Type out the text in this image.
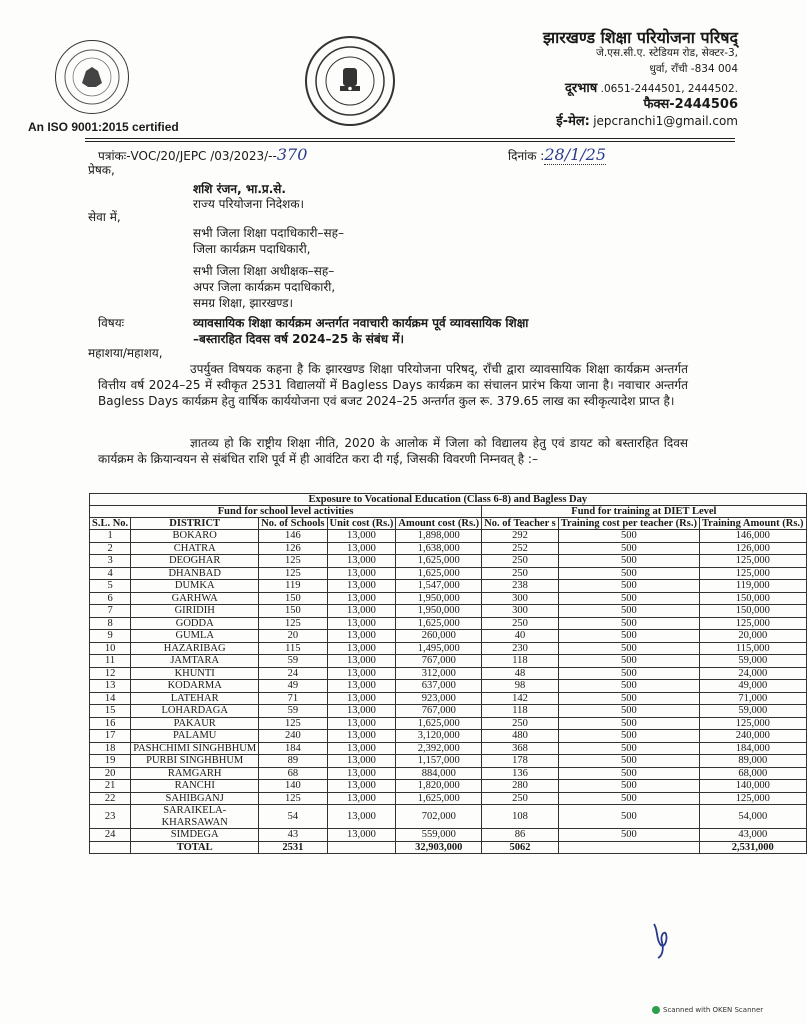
झारखण्ड शिक्षा परियोजना परिषद्
जे.एस.सी.ए. स्टेडियम रोड, सेक्टर-3,
धुर्वा, राँची -834 004
दूरभाष .0651-2444501, 2444502.
फैक्स-2444506
ई-मेल: jepcranchi1@gmail.com
An ISO 9001:2015 certified
पत्रांकः-VOC/20/JEPC /03/2023/--370	दिनांक :28/1/25
प्रेषक,
शशि रंजन, भा.प्र.से.
राज्य परियोजना निदेशक।
सेवा में,
सभी जिला शिक्षा पदाधिकारी–सह–
जिला कार्यक्रम पदाधिकारी,
सभी जिला शिक्षा अधीक्षक–सह–
अपर जिला कार्यक्रम पदाधिकारी,
समग्र शिक्षा, झारखण्ड।
विषयः	व्यावसायिक शिक्षा कार्यक्रम अन्तर्गत नवाचारी कार्यक्रम पूर्व व्यावसायिक शिक्षा
–बस्तारहित दिवस वर्ष 2024–25 के संबंध में।
महाशया/महाशय,
उपर्युक्त विषयक कहना है कि झारखण्ड शिक्षा परियोजना परिषद्, राँची द्वारा व्यावसायिक शिक्षा कार्यक्रम अन्तर्गत वित्तीय वर्ष 2024–25 में स्वीकृत 2531 विद्यालयों में Bagless Days कार्यक्रम का संचालन प्रारंभ किया जाना है। नवाचार अन्तर्गत Bagless Days कार्यक्रम हेतु वार्षिक कार्ययोजना एवं बजट 2024–25 अन्तर्गत कुल रू. 379.65 लाख का स्वीकृत्यादेश प्राप्त है।
ज्ञातव्य हो कि राष्ट्रीय शिक्षा नीति, 2020 के आलोक में जिला को विद्यालय हेतु एवं डायट को बस्तारहित दिवस कार्यक्रम के क्रियान्वयन से संबंधित राशि पूर्व में ही आवंटित करा दी गई, जिसकी विवरणी निम्नवत् है :–
Exposure to Vocational Education (Class 6-8) and Bagless Day							
Fund for school level activities					Fund for training at DIET Level		
S.L. No.	DISTRICT	No. of Schools	Unit cost (Rs.)	Amount cost (Rs.)	No. of Teacher s	Training cost per teacher (Rs.)	Training Amount (Rs.)
1	BOKARO	146	13,000	1,898,000	292	500	146,000
2	CHATRA	126	13,000	1,638,000	252	500	126,000
3	DEOGHAR	125	13,000	1,625,000	250	500	125,000
4	DHANBAD	125	13,000	1,625,000	250	500	125,000
5	DUMKA	119	13,000	1,547,000	238	500	119,000
6	GARHWA	150	13,000	1,950,000	300	500	150,000
7	GIRIDIH	150	13,000	1,950,000	300	500	150,000
8	GODDA	125	13,000	1,625,000	250	500	125,000
9	GUMLA	20	13,000	260,000	40	500	20,000
10	HAZARIBAG	115	13,000	1,495,000	230	500	115,000
11	JAMTARA	59	13,000	767,000	118	500	59,000
12	KHUNTI	24	13,000	312,000	48	500	24,000
13	KODARMA	49	13,000	637,000	98	500	49,000
14	LATEHAR	71	13,000	923,000	142	500	71,000
15	LOHARDAGA	59	13,000	767,000	118	500	59,000
16	PAKAUR	125	13,000	1,625,000	250	500	125,000
17	PALAMU	240	13,000	3,120,000	480	500	240,000
18	PASHCHIMI SINGHBHUM	184	13,000	2,392,000	368	500	184,000
19	PURBI SINGHBHUM	89	13,000	1,157,000	178	500	89,000
20	RAMGARH	68	13,000	884,000	136	500	68,000
21	RANCHI	140	13,000	1,820,000	280	500	140,000
22	SAHIBGANJ	125	13,000	1,625,000	250	500	125,000
23	SARAIKELA-KHARSAWAN	54	13,000	702,000	108	500	54,000
24	SIMDEGA	43	13,000	559,000	86	500	43,000
	TOTAL	2531		32,903,000	5062		2,531,000
Scanned with OKEN Scanner
